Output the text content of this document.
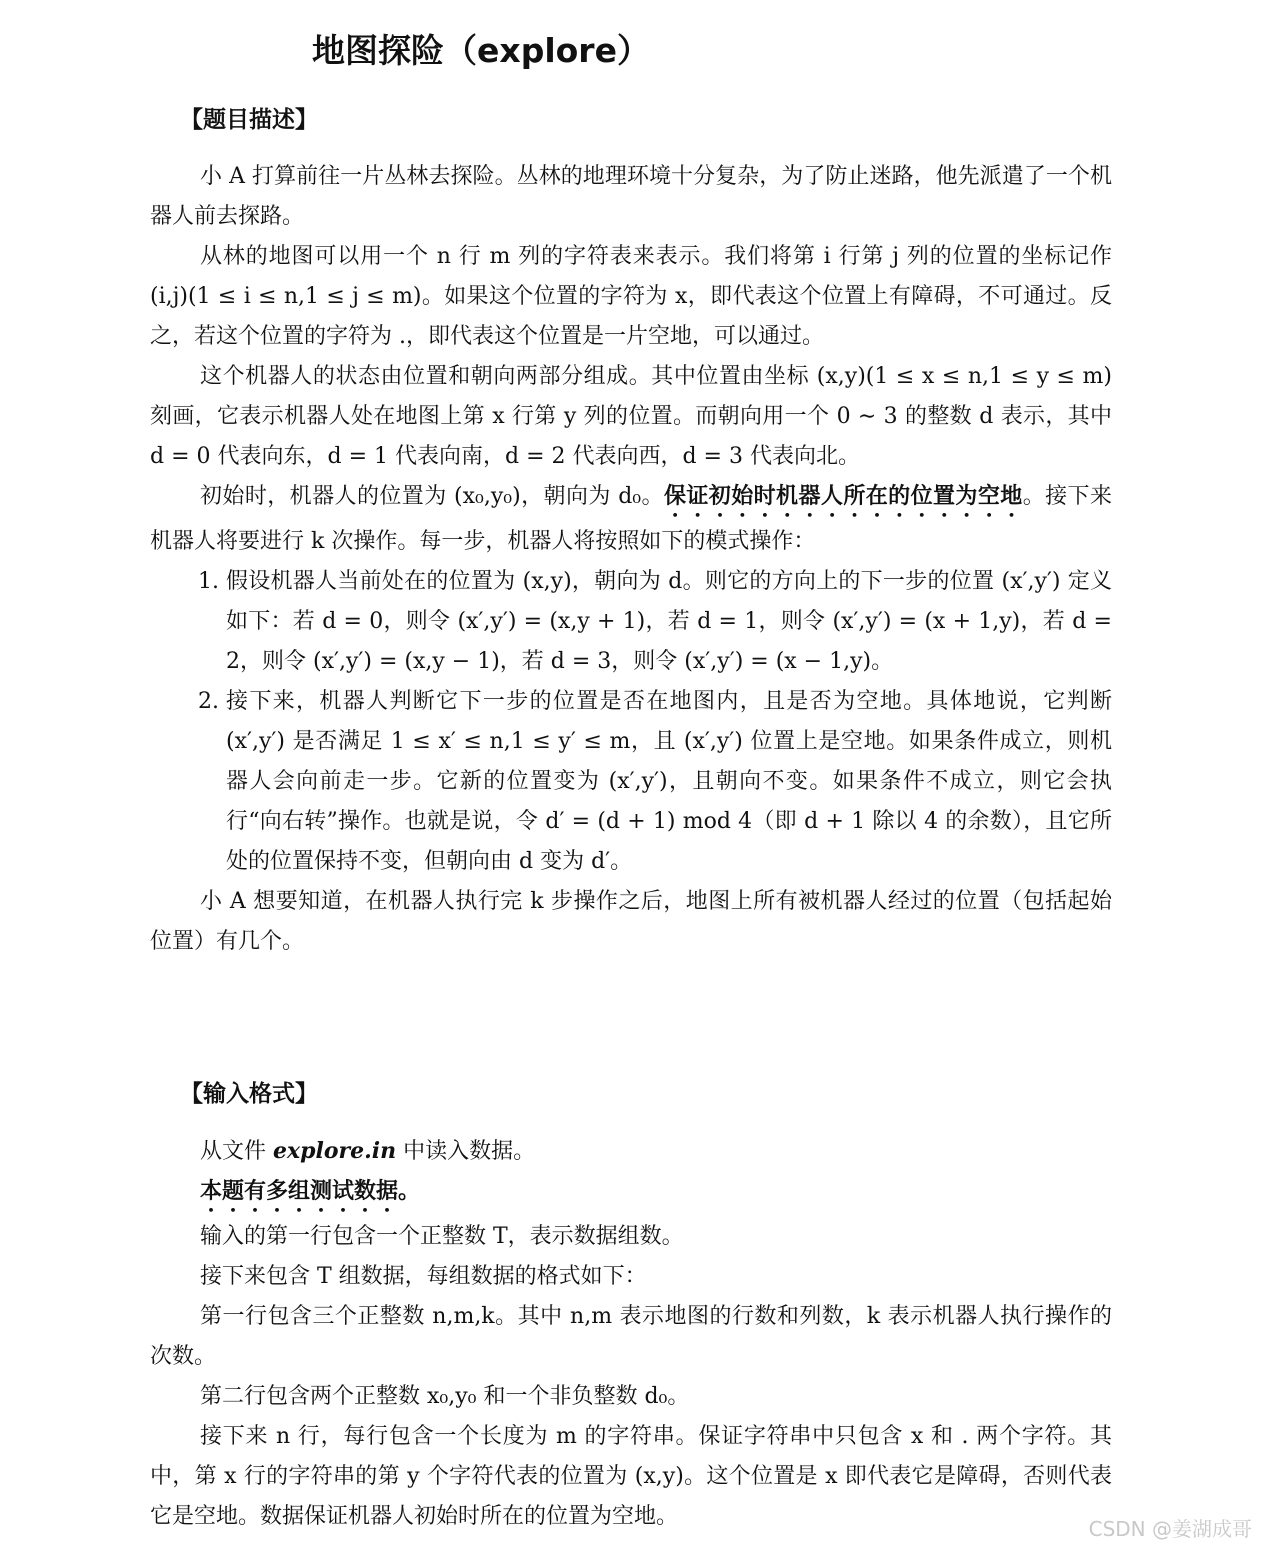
地图探险（explore）
【题目描述】

小 A 打算前往一片丛林去探险。丛林的地理环境十分复杂，为了防止迷路，他先派遣了一个机器人前去探路。

从林的地图可以用一个 n 行 m 列的字符表来表示。我们将第 i 行第 j 列的位置的坐标记作 (i,j)(1 ≤ i ≤ n,1 ≤ j ≤ m)。如果这个位置的字符为 x，即代表这个位置上有障碍，不可通过。反之，若这个位置的字符为 .，即代表这个位置是一片空地，可以通过。

这个机器人的状态由位置和朝向两部分组成。其中位置由坐标 (x,y)(1 ≤ x ≤ n,1 ≤ y ≤ m) 刻画，它表示机器人处在地图上第 x 行第 y 列的位置。而朝向用一个 0 ∼ 3 的整数 d 表示，其中 d = 0 代表向东，d = 1 代表向南，d = 2 代表向西，d = 3 代表向北。

初始时，机器人的位置为 (x₀,y₀)，朝向为 d₀。保证初始时机器人所在的位置为空地。接下来机器人将要进行 k 次操作。每一步，机器人将按照如下的模式操作：

1. 假设机器人当前处在的位置为 (x,y)，朝向为 d。则它的方向上的下一步的位置 (x′,y′) 定义如下：若 d = 0，则令 (x′,y′) = (x,y + 1)，若 d = 1，则令 (x′,y′) = (x + 1,y)，若 d = 2，则令 (x′,y′) = (x,y − 1)，若 d = 3，则令 (x′,y′) = (x − 1,y)。
2. 接下来，机器人判断它下一步的位置是否在地图内，且是否为空地。具体地说，它判断 (x′,y′) 是否满足 1 ≤ x′ ≤ n,1 ≤ y′ ≤ m，且 (x′,y′) 位置上是空地。如果条件成立，则机器人会向前走一步。它新的位置变为 (x′,y′)，且朝向不变。如果条件不成立，则它会执行“向右转”操作。也就是说，令 d′ = (d + 1) mod 4（即 d + 1 除以 4 的余数），且它所处的位置保持不变，但朝向由 d 变为 d′。

小 A 想要知道，在机器人执行完 k 步操作之后，地图上所有被机器人经过的位置（包括起始位置）有几个。

【输入格式】

从文件 explore.in 中读入数据。

本题有多组测试数据。

输入的第一行包含一个正整数 T，表示数据组数。

接下来包含 T 组数据，每组数据的格式如下：

第一行包含三个正整数 n,m,k。其中 n,m 表示地图的行数和列数，k 表示机器人执行操作的次数。

第二行包含两个正整数 x₀,y₀ 和一个非负整数 d₀。

接下来 n 行，每行包含一个长度为 m 的字符串。保证字符串中只包含 x 和 . 两个字符。其中，第 x 行的字符串的第 y 个字符代表的位置为 (x,y)。这个位置是 x 即代表它是障碍，否则代表它是空地。数据保证机器人初始时所在的位置为空地。	CSDN @姜湖成哥
